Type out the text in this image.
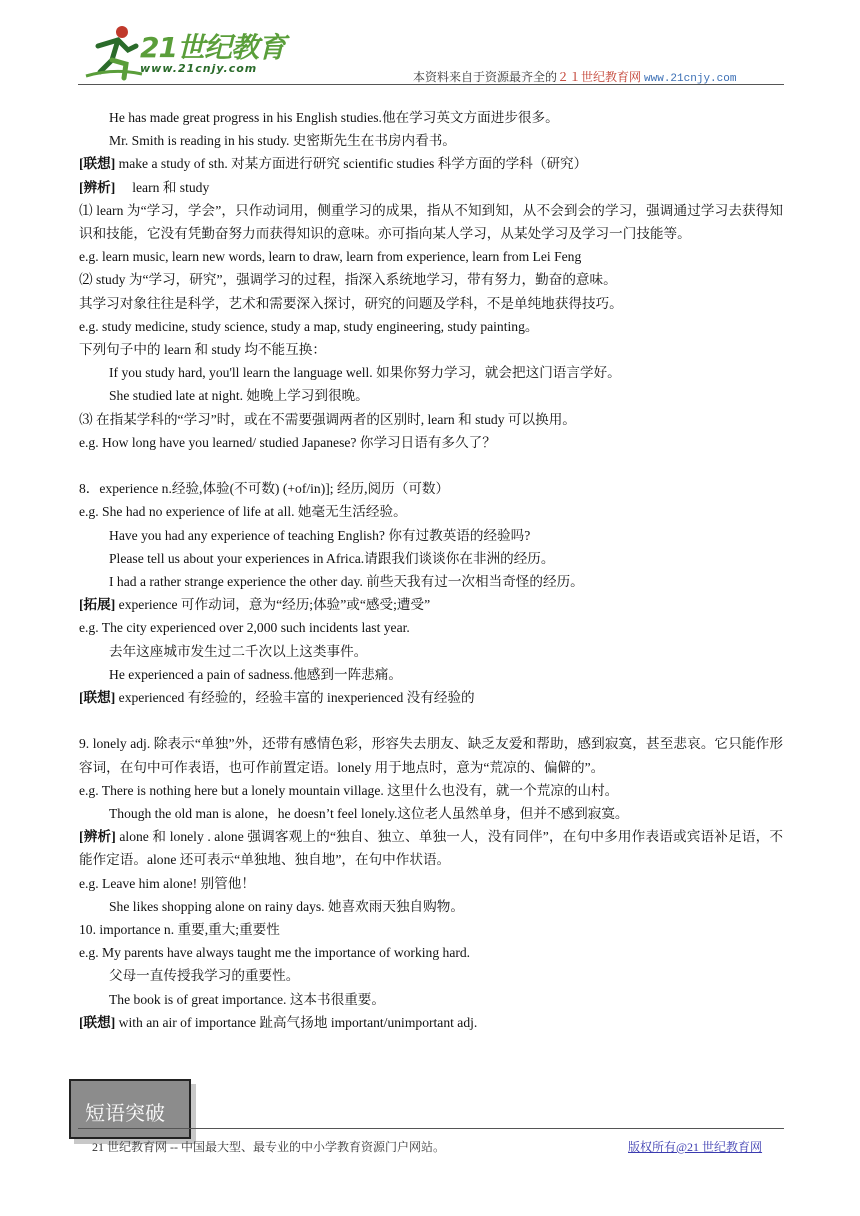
21世纪教育
www.21cnjy.com
本资料来自于资源最齐全的２１世纪教育网 www.21cnjy.com

He has made great progress in his English studies.他在学习英文方面进步很多。

Mr. Smith is reading in his study. 史密斯先生在书房内看书。

[联想] make a study of sth. 对某方面进行研究 scientific studies 科学方面的学科（研究）

[辨析] learn 和 study

⑴ learn 为“学习，学会”，只作动词用，侧重学习的成果，指从不知到知，从不会到会的学习，强调通过学习去获得知识和技能，它没有凭勤奋努力而获得知识的意味。亦可指向某人学习，从某处学习及学习一门技能等。

e.g. learn music, learn new words, learn to draw, learn from experience, learn from Lei Feng

⑵ study 为“学习，研究”，强调学习的过程，指深入系统地学习，带有努力，勤奋的意味。

其学习对象往往是科学，艺术和需要深入探讨，研究的问题及学科，不是单纯地获得技巧。

e.g. study medicine, study science, study a map, study engineering, study painting。

下列句子中的 learn 和 study 均不能互换：

If you study hard, you'll learn the language well. 如果你努力学习，就会把这门语言学好。

She studied late at night. 她晚上学习到很晚。

⑶ 在指某学科的“学习”时，或在不需要强调两者的区别时, learn 和 study 可以换用。

e.g. How long have you learned/ studied Japanese? 你学习日语有多久了？

8．experience n.经验,体验(不可数) (+of/in)]; 经历,阅历（可数）

e.g. She had no experience of life at all. 她毫无生活经验。

Have you had any experience of teaching English? 你有过教英语的经验吗?

Please tell us about your experiences in Africa.请跟我们谈谈你在非洲的经历。

I had a rather strange experience the other day. 前些天我有过一次相当奇怪的经历。

[拓展] experience 可作动词，意为“经历;体验”或“感受;遭受”

e.g. The city experienced over 2,000 such incidents last year.

去年这座城市发生过二千次以上这类事件。

He experienced a pain of sadness.他感到一阵悲痛。

[联想] experienced 有经验的，经验丰富的 inexperienced 没有经验的

9. lonely adj. 除表示“单独”外，还带有感情色彩，形容失去朋友、缺乏友爱和帮助，感到寂寞，甚至悲哀。它只能作形容词，在句中可作表语，也可作前置定语。lonely 用于地点时，意为“荒凉的、偏僻的”。

e.g. There is nothing here but a lonely mountain village. 这里什么也没有，就一个荒凉的山村。

Though the old man is alone，he doesn’t feel lonely.这位老人虽然单身，但并不感到寂寞。

[辨析] alone 和 lonely . alone 强调客观上的“独自、独立、单独一人，没有同伴”，在句中多用作表语或宾语补足语，不能作定语。alone 还可表示“单独地、独自地”，在句中作状语。

e.g. Leave him alone! 别管他！

She likes shopping alone on rainy days. 她喜欢雨天独自购物。

10. importance n. 重要,重大;重要性

e.g. My parents have always taught me the importance of working hard.

父母一直传授我学习的重要性。

The book is of great importance. 这本书很重要。

[联想] with an air of importance 趾高气扬地 important/unimportant adj.

短语突破
21 世纪教育网 -- 中国最大型、最专业的中小学教育资源门户网站。	版权所有@21 世纪教育网
